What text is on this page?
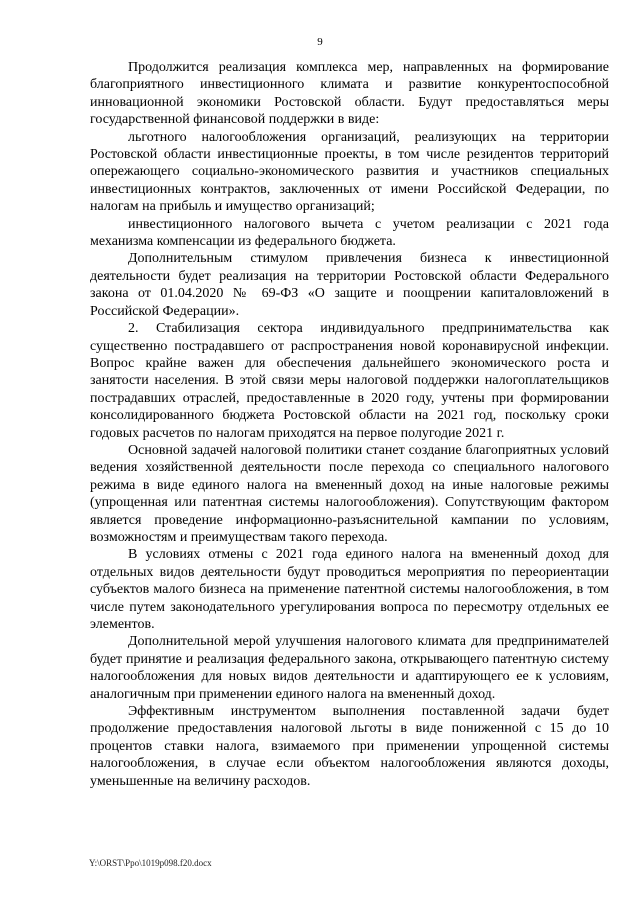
9

Продолжится реализация комплекса мер, направленных на формирование благоприятного инвестиционного климата и развитие конкурентоспособной инновационной экономики Ростовской области. Будут предоставляться меры государственной финансовой поддержки в виде:

льготного налогообложения организаций, реализующих на территории Ростовской области инвестиционные проекты, в том числе резидентов территорий опережающего социально-экономического развития и участников специальных инвестиционных контрактов, заключенных от имени Российской Федерации, по налогам на прибыль и имущество организаций;

инвестиционного налогового вычета с учетом реализации с 2021 года механизма компенсации из федерального бюджета.

Дополнительным стимулом привлечения бизнеса к инвестиционной деятельности будет реализация на территории Ростовской области Федерального закона от 01.04.2020 № 69-ФЗ «О защите и поощрении капиталовложений в Российской Федерации».

2. Стабилизация сектора индивидуального предпринимательства как существенно пострадавшего от распространения новой коронавирусной инфекции. Вопрос крайне важен для обеспечения дальнейшего экономического роста и занятости населения. В этой связи меры налоговой поддержки налогоплательщиков пострадавших отраслей, предоставленные в 2020 году, учтены при формировании консолидированного бюджета Ростовской области на 2021 год, поскольку сроки годовых расчетов по налогам приходятся на первое полугодие 2021 г.

Основной задачей налоговой политики станет создание благоприятных условий ведения хозяйственной деятельности после перехода со специального налогового режима в виде единого налога на вмененный доход на иные налоговые режимы (упрощенная или патентная системы налогообложения). Сопутствующим фактором является проведение информационно-разъяснительной кампании по условиям, возможностям и преимуществам такого перехода.

В условиях отмены с 2021 года единого налога на вмененный доход для отдельных видов деятельности будут проводиться мероприятия по переориентации субъектов малого бизнеса на применение патентной системы налогообложения, в том числе путем законодательного урегулирования вопроса по пересмотру отдельных ее элементов.

Дополнительной мерой улучшения налогового климата для предпринимателей будет принятие и реализация федерального закона, открывающего патентную систему налогообложения для новых видов деятельности и адаптирующего ее к условиям, аналогичным при применении единого налога на вмененный доход.

Эффективным инструментом выполнения поставленной задачи будет продолжение предоставления налоговой льготы в виде пониженной с 15 до 10 процентов ставки налога, взимаемого при применении упрощенной системы налогообложения, в случае если объектом налогообложения являются доходы, уменьшенные на величину расходов.

Y:\ORST\Ppo\1019p098.f20.docx
